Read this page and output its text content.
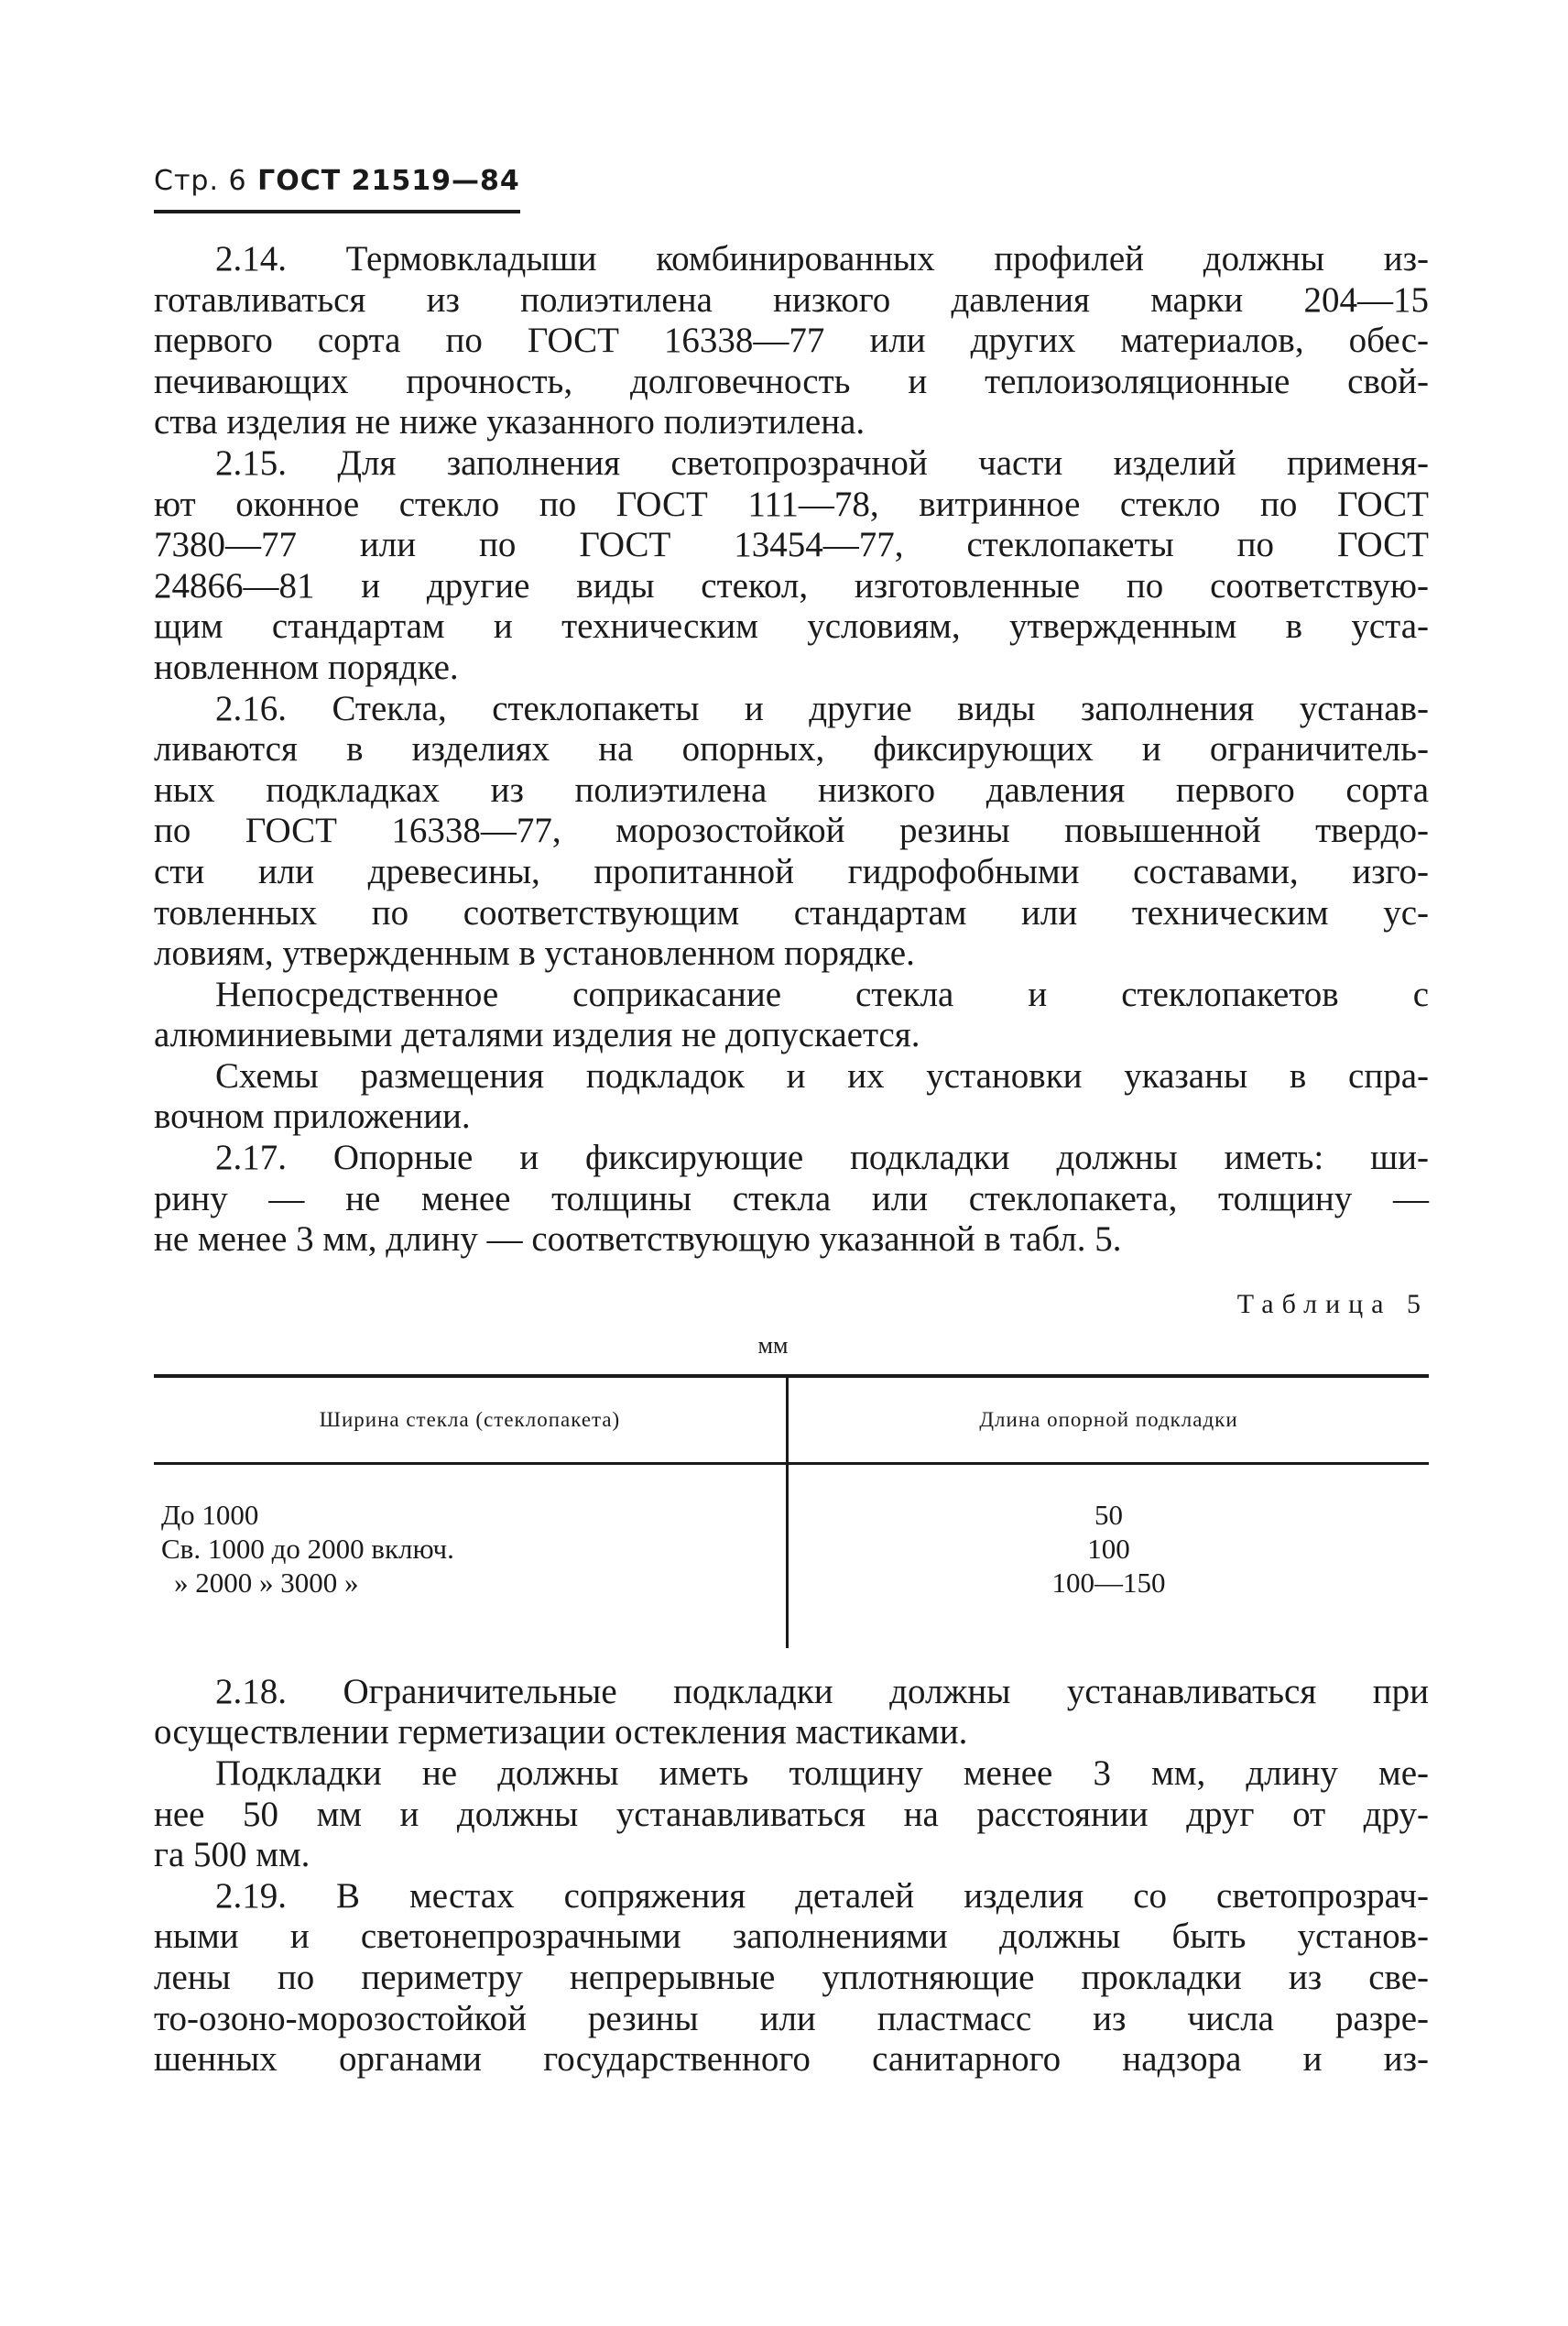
Стр. 6 ГОСТ 21519—84

2.14. Термовкладыши комбинированных профилей должны из-

готавливаться из полиэтилена низкого давления марки 204—15

первого сорта по ГОСТ 16338—77 или других материалов, обес-

печивающих прочность, долговечность и теплоизоляционные свой-

ства изделия не ниже указанного полиэтилена.

2.15. Для заполнения светопрозрачной части изделий применя-

ют оконное стекло по ГОСТ 111—78, витринное стекло по ГОСТ

7380—77 или по ГОСТ 13454—77, стеклопакеты по ГОСТ

24866—81 и другие виды стекол, изготовленные по соответствую-

щим стандартам и техническим условиям, утвержденным в уста-

новленном порядке.

2.16. Стекла, стеклопакеты и другие виды заполнения устанав-

ливаются в изделиях на опорных, фиксирующих и ограничитель-

ных подкладках из полиэтилена низкого давления первого сорта

по ГОСТ 16338—77, морозостойкой резины повышенной твердо-

сти или древесины, пропитанной гидрофобными составами, изго-

товленных по соответствующим стандартам или техническим ус-

ловиям, утвержденным в установленном порядке.

Непосредственное соприкасание стекла и стеклопакетов с

алюминиевыми деталями изделия не допускается.

Схемы размещения подкладок и их установки указаны в спра-

вочном приложении.

2.17. Опорные и фиксирующие подкладки должны иметь: ши-

рину — не менее толщины стекла или стеклопакета, толщину —

не менее 3 мм, длину — соответствующую указанной в табл. 5.

Таблица 5
мм
Ширина стекла (стеклопакета)	Длина опорной подкладки
До 1000
Св. 1000 до 2000 включ.
» 2000 » 3000 »
50
100
100—150

2.18. Ограничительные подкладки должны устанавливаться при

осуществлении герметизации остекления мастиками.

Подкладки не должны иметь толщину менее 3 мм, длину ме-

нее 50 мм и должны устанавливаться на расстоянии друг от дру-

га 500 мм.

2.19. В местах сопряжения деталей изделия со светопрозрач-

ными и светонепрозрачными заполнениями должны быть установ-

лены по периметру непрерывные уплотняющие прокладки из све-

то-озоно-морозостойкой резины или пластмасс из числа разре-

шенных органами государственного санитарного надзора и из-
